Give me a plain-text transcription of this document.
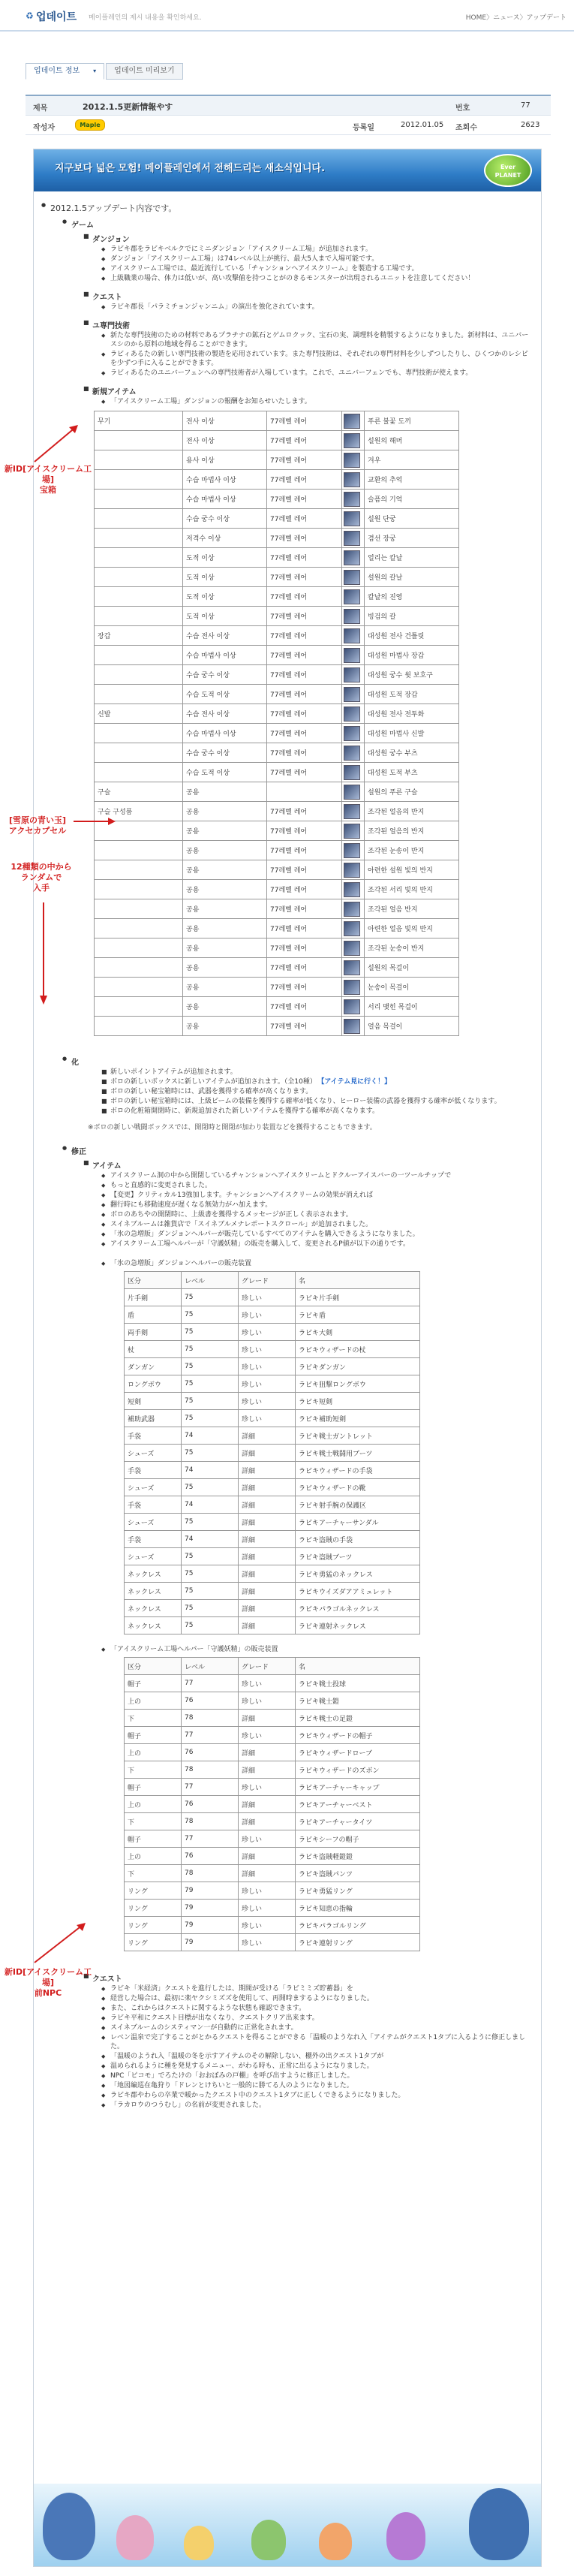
♻ 업데이트 메이플레인의 제시 내용을 확인하세요.	HOME〉ニュース〉アップデート
업데이트 정보 ▾ 업데이트 미리보기
제목	2012.1.5更新情報やす	번호	77
작성자	Maple	등록일	2012.01.05 조회수	2623
지구보다 넓은 모험! 메이플레인에서 전해드리는 새소식입니다.	Ever
PLANET
● 2012.1.5アップデート内容です。
● ゲーム
■ ダンジョン
◆ ラビキ郡をラビキベルクでにミニダンジョン「アイスクリーム工場」が追加されます。
◆ ダンジョン「アイスクリーム工場」は74レベル以上が挑行、最大5人まで入場可能です。
◆ アイスクリーム工場では、最近流行している「チャンションへアイスクリーム」を製造する工場です。
◆ 上級職業の場合、体力は低いが、高い攻撃値を持つことがのきるモンスターが出現されるユニットを注意してください！
■ クエスト
◆ ラビキ郡長「パラミチョンジャンニム」の演出を強化されています。
■ ユ専門技術
◆ 新たな専門技術のための材料であるプラチナの鉱石とゲムロクック、宝石の実、調理料を精製するようになりました。新材料は、ユニバースシのから原料の地域を得ることができます。
◆ ラビィあるたの新しい専門技術の製造を応用されています。また専門技術は、それぞれの専門材料を少しずつしたりし、ひくつかのレシピを少ずつ手に入ることができます。
◆ ラビィあるたのユニバーフェンへの専門技術者が入場しています。これで、ユニバーフェンでも、専門技術が使えます。
■ 新規アイテム
◆ 「アイスクリーム工場」ダンジョンの報酬をお知らせいたします。
무기	전사 이상	77레벨 레어		푸른 불꽃 도끼
	전사 이상	77레벨 레어		설원의 해머
	용사 이상	77레벨 레어		겨우
	수습 마법사 이상	77레벨 레어		교환의 추억
	수습 마법사 이상	77레벨 레어		슬픔의 기억
	수습 궁수 이상	77레벨 레어		설원 단궁
	저격수 이상	77레벨 레어		겸선 장궁
	도적 이상	77레벨 레어		얼리는 칼날
	도적 이상	77레벨 레어		설원의 칼날
	도적 이상	77레벨 레어		칼날의 진영
	도적 이상	77레벨 레어		빙검의 칼
장갑	수습 전사 이상	77레벨 레어		대성원 전사 건틀릿
	수습 마법사 이상	77레벨 레어		대성원 마법사 장갑
	수습 궁수 이상	77레벨 레어		대성원 궁수 윗 보호구
	수습 도적 이상	77레벨 레어		대성원 도적 장갑
신발	수습 전사 이상	77레벨 레어		대성원 전사 전투화
	수습 마법사 이상	77레벨 레어		대성원 마법사 신발
	수습 궁수 이상	77레벨 레어		대성원 궁수 부츠
	수습 도적 이상	77레벨 레어		대성원 도적 부츠
구슬	공용			설원의 푸른 구슬
구슬 구성품	공용	77레벨 레어		조각된 얼음의 반지
	공용	77레벨 레어		조각된 얼음의 반지
	공용	77레벨 레어		조각된 눈송이 반지
	공용	77레벨 레어		아련한 설원 빛의 반지
	공용	77레벨 레어		조각된 서리 빛의 반지
	공용	77레벨 레어		조각된 얼음 반지
	공용	77레벨 레어		아련한 얼음 빛의 반지
	공용	77레벨 레어		조각된 눈송이 반지
	공용	77레벨 레어		설원의 목걸이
	공용	77레벨 레어		눈송이 목걸이
	공용	77레벨 레어		서리 맺힌 목걸이
	공용	77레벨 레어		얼음 목걸이
● 化
■ 新しいポイントアイテムが追加されます。
■ ボロの新しいボックスに新しいアイテムが追加されます。（全10種） 【アイテム見に行く！】
■ ボロの新しい秘宝箱時には、武器を獲得する確率が高くなります。
■ ボロの新しい秘宝箱時には、上級ビームの装備を獲得する確率が低くなり、ヒーロー装備の武器を獲得する確率が低くなります。
■ ボロの化粧箱開閉時に、新規追加された新しいアイテムを獲得する確率が高くなります。
※ボロの新しい戦闘ボックスでは、開閉時と開閉が加わり装置などを獲得することもできます。
● 修正
■ アイテム
◆ アイスクリーム洞の中から開閉しているチャンションへアイスクリームとドクルーアイスバーの一ツールチップで
◆ もっと直感的に変更されました。
◆ 【変更】クリティカル13強加します。チャンションへアイスクリームの効果が消えれば
◆ 翻行時にも移動速度が遅くなる無効力がハ加えます。
◆ ボロのあちやの開閉時に、上級書を獲得するメッセージが正しく表示されます。
◆ スイネブルームは雑貨店で「スイネブルメナレポートスクロール」が追加されました。
◆ 「氷の急増版」ダンジョンヘルパーが販売しているすべてのアイテムを購入できるようになりました。
◆ アイスクリーム工場ヘルパーが「守護妖精」の販売を購入して、変更されるP値が以下の通りです。
◆ 「氷の急増版」ダンジョンヘルパーの販売装置
区分	レベル	グレード	名
片手剣	75	珍しい	ラビキ片手剣
盾	75	珍しい	ラビキ盾
両手剣	75	珍しい	ラビキ大剣
杖	75	珍しい	ラビキウィザードの杖
ダンガン	75	珍しい	ラビキダンガン
ロングボウ	75	珍しい	ラビキ狙撃ロングボウ
短剣	75	珍しい	ラビキ短剣
補助武器	75	珍しい	ラビキ補助短剣
手袋	74	詳細	ラビキ戦士ガントレット
シューズ	75	詳細	ラビキ戦士戦闘用ブーツ
手袋	74	詳細	ラビキウィザードの手袋
シューズ	75	詳細	ラビキウィザードの靴
手袋	74	詳細	ラビキ射手腕の保護区
シューズ	75	詳細	ラビキアーチャーサンダル
手袋	74	詳細	ラビキ盗賊の手袋
シューズ	75	詳細	ラビキ盗賊ブーツ
ネックレス	75	詳細	ラビキ勇猛のネックレス
ネックレス	75	詳細	ラビキウイズダアアミュレット
ネックレス	75	詳細	ラビキパラゴルネックレス
ネックレス	75	詳細	ラビキ連射ネックレス
◆ 「アイスクリーム工場ヘルパー「守護妖精」の販売装置
区分	レベル	グレード	名
帽子	77	珍しい	ラビキ戦士投球
上の	76	珍しい	ラビキ戦士鎧
下	78	詳細	ラビキ戦士の足鎧
帽子	77	珍しい	ラビキウィザードの帽子
上の	76	詳細	ラビキウィザードローブ
下	78	詳細	ラビキウィザードのズボン
帽子	77	珍しい	ラビキアーチャーキャップ
上の	76	詳細	ラビキアーチャーベスト
下	78	詳細	ラビキアーチャータイツ
帽子	77	珍しい	ラビキシーフの帽子
上の	76	詳細	ラビキ盗賊軽鎧鎧
下	78	詳細	ラビキ盗賊パンツ
リング	79	珍しい	ラビキ勇猛リング
リング	79	珍しい	ラビキ知恵の指輪
リング	79	珍しい	ラビキパラゴルリング
リング	79	珍しい	ラビキ連射リング
■ クエスト
◆ ラビキ「米経済」クエストを進行したは、期間が受ける「ラビミミズ貯蓄器」を
◆ 経営した場合は、最初に楽ヤクシミズズを使用して、再開時まするようになりました。
◆ また、これからはクエストに関するような状態も確認できます。
◆ ラビキ平和にクエスト目標が出なくなり、クエストクリア出来ます。
◆ スイネブルームのシスティマン一が自動的に正常化されます。
◆ レベン温泉で完了することがとかるクエストを得ることができる「温暖のようなれ入「アイテムがクエスト1タブに入るように修正しました。
◆ 「温暖のようれ入「温暖の冬を示すアイテムのその解除しない、棚外の出クエスト1タブが
◆ 温められるように種を発見するメニュー、がわる時も、正常に出るようになりました。
◆ NPC「ピコモ」でろたけの「おおぼみの戸棚」を呼び出すように修正しました。
◆ 「地図編巡在亀狩り「ドレンとけちいと一般的に勝てる人のようになりました。
◆ ラビキ郡やわらの卒業で暖かったクエスト中のクエスト1タブに正しくできるようになりました。
◆ 「ラカロウのつうむし」の名前が変更されました。
新ID[アイスクリーム工場]
宝箱
[雪原の青い玉]
アクセカプセル
12種類の中から
ランダムで
入手
新ID[アイスクリーム工場]
前NPC
